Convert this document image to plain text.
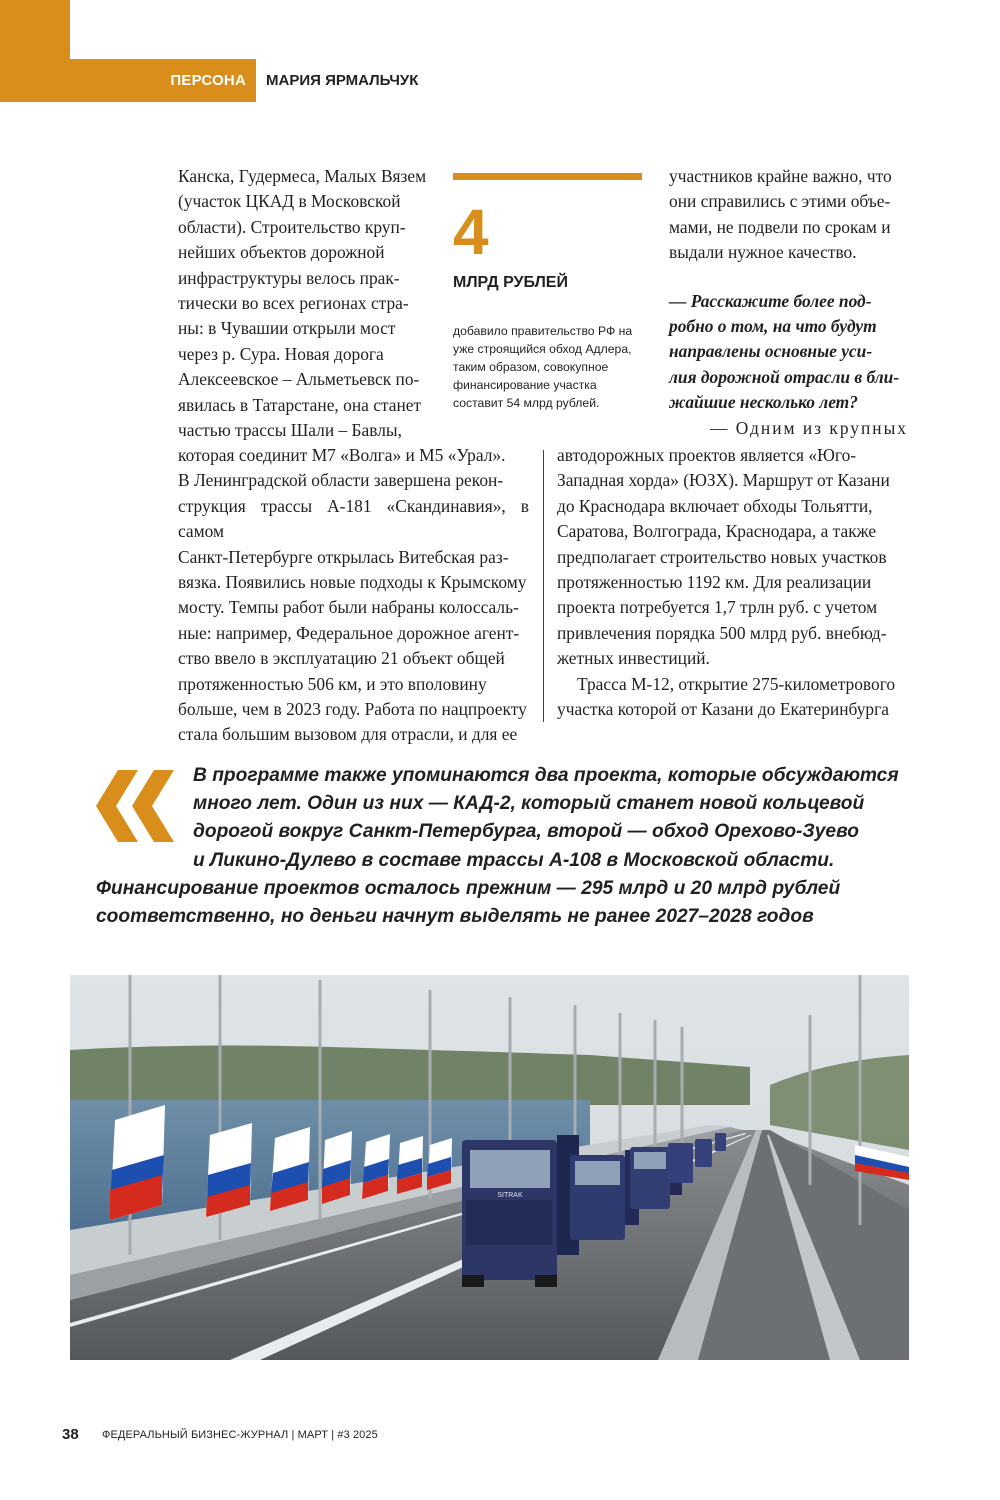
ПЕРСОНА	МАРИЯ ЯРМАЛЬЧУК

Канска, Гудермеса, Малых Вязем

(участок ЦКАД в Московской

области). Строительство круп-

нейших объектов дорожной

инфраструктуры велось прак-

тически во всех регионах стра-

ны: в Чувашии открыли мост

через р. Сура. Новая дорога

Алексеевское – Альметьевск по-

явилась в Татарстане, она станет

частью трассы Шали – Бавлы,

которая соединит М7 «Волга» и М5 «Урал».

В Ленинградской области завершена рекон-

струкция трассы А-181 «Скандинавия», в самом

Санкт-Петербурге открылась Витебская раз-

вязка. Появились новые подходы к Крымскому

мосту. Темпы работ были набраны колоссаль-

ные: например, Федеральное дорожное агент-

ство ввело в эксплуатацию 21 объект общей

протяженностью 506 км, и это вполовину

больше, чем в 2023 году. Работа по нацпроекту

стала большим вызовом для отрасли, и для ее

4
МЛРД РУБЛЕЙ
добавило правительство РФ на уже строящийся обход Адлера, таким образом, совокупное финансирование участка составит 54 млрд рублей.

участников крайне важно, что

они справились с этими объе-

мами, не подвели по срокам и

выдали нужное качество.

— Расскажите более под-

робно о том, на что будут

направлены основные уси-

лия дорожной отрасли в бли-

жайшие несколько лет?

— Одним из крупных

автодорожных проектов является «Юго-

Западная хорда» (ЮЗХ). Маршрут от Казани

до Краснодара включает обходы Тольятти,

Саратова, Волгограда, Краснодара, а также

предполагает строительство новых участков

протяженностью 1192 км. Для реализации

проекта потребуется 1,7 трлн руб. с учетом

привлечения порядка 500 млрд руб. внебюд-

жетных инвестиций.

Трасса М-12, открытие 275-километрового

участка которой от Казани до Екатеринбурга

В программе также упоминаются два проекта, которые обсуждаются
много лет. Один из них — КАД-2, который станет новой кольцевой
дорогой вокруг Санкт-Петербурга, второй — обход Орехово-Зуево
и Ликино-Дулево в составе трассы А-108 в Московской области.
Финансирование проектов осталось прежним — 295 млрд и 20 млрд рублей
соответственно, но деньги начнут выделять не ранее 2027–2028 годов
SITRAK
38 ФЕДЕРАЛЬНЫЙ БИЗНЕС-ЖУРНАЛ | МАРТ | #3 2025
